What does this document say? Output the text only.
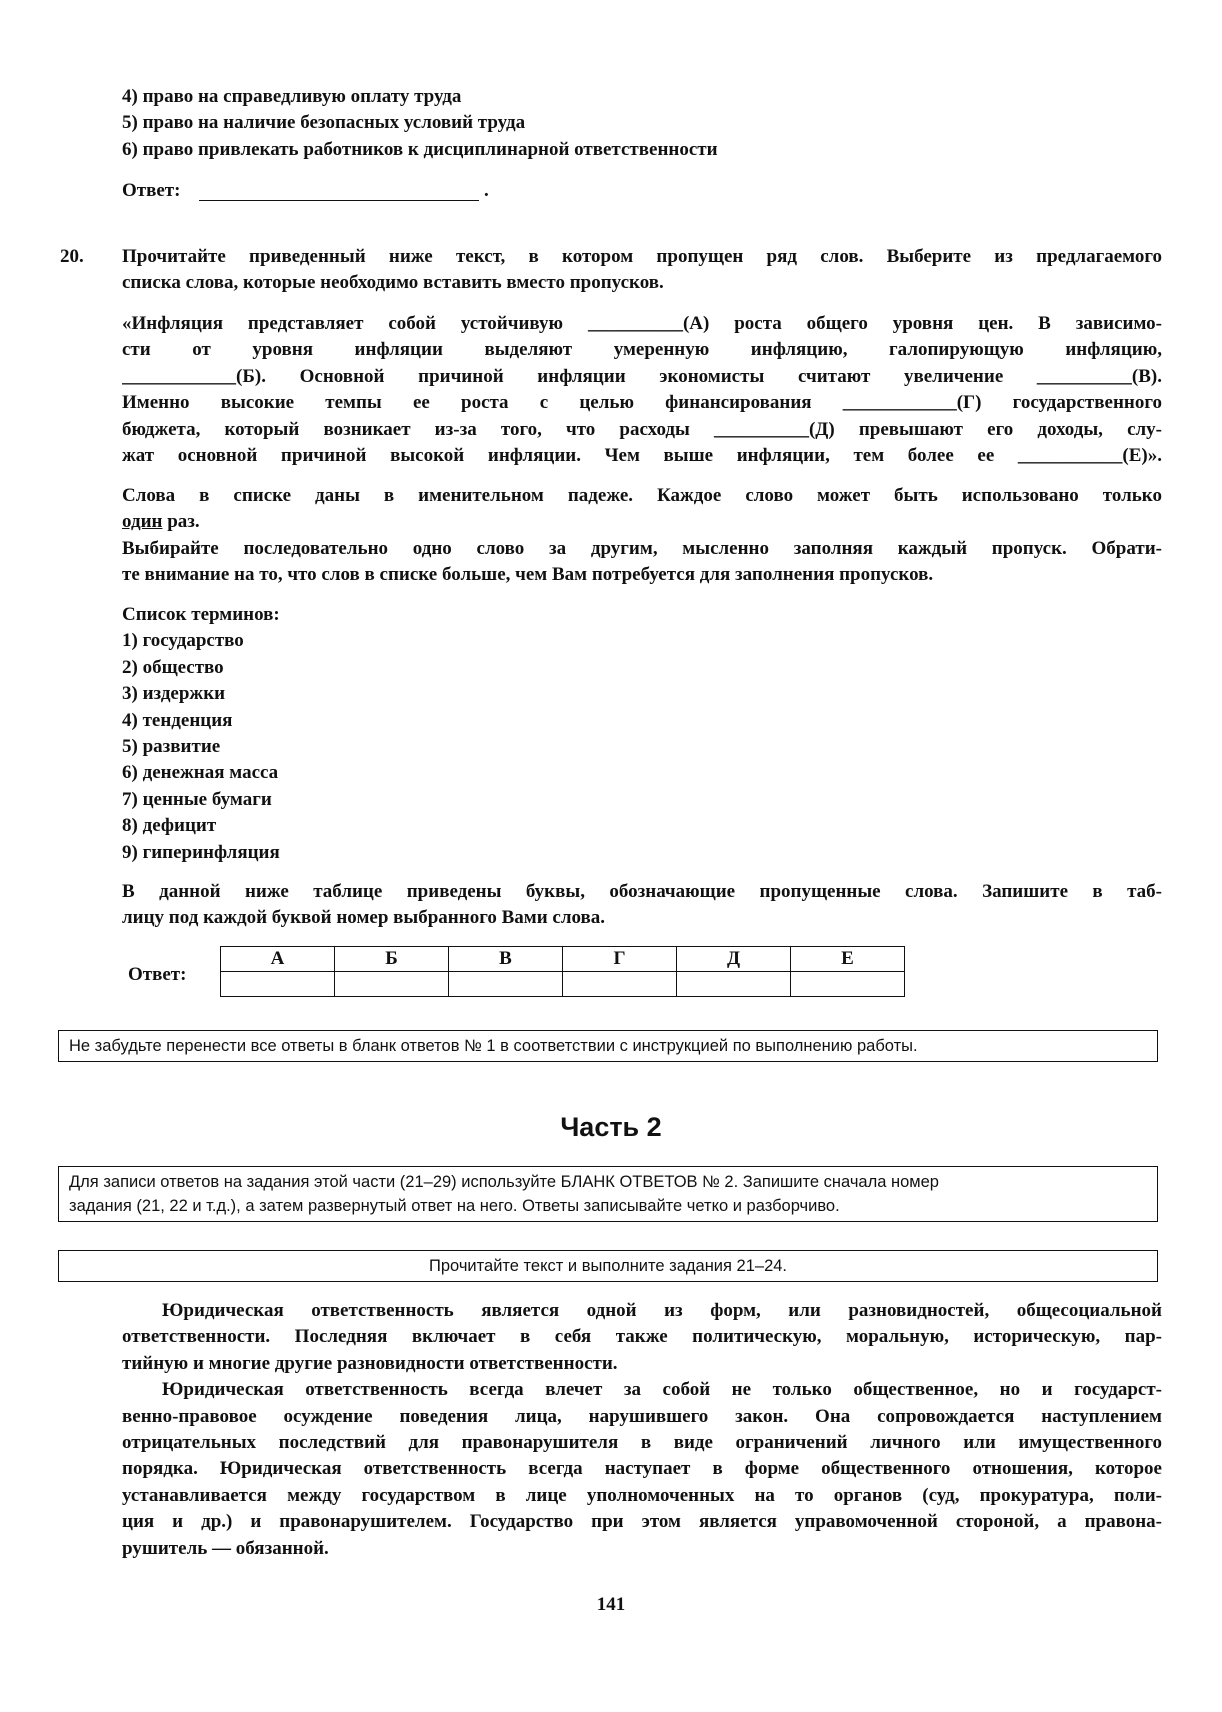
4) право на справедливую оплату труда
5) право на наличие безопасных условий труда
6) право привлекать работников к дисциплинарной ответственности
Ответ:	.
20. Прочитайте приведенный ниже текст, в котором пропущен ряд слов. Выберите из предлагаемого
списка слова, которые необходимо вставить вместо пропусков.
«Инфляция представляет собой устойчивую __________(А) роста общего уровня цен. В зависимо-
сти от уровня инфляции выделяют умеренную инфляцию, галопирующую инфляцию,
____________(Б). Основной причиной инфляции экономисты считают увеличение __________(В).
Именно высокие темпы ее роста с целью финансирования ____________(Г) государственного
бюджета, который возникает из-за того, что расходы __________(Д) превышают его доходы, слу-
жат основной причиной высокой инфляции. Чем выше инфляции, тем более ее ___________(Е)».
Слова в списке даны в именительном падеже. Каждое слово может быть использовано только
один раз.
Выбирайте последовательно одно слово за другим, мысленно заполняя каждый пропуск. Обрати-
те внимание на то, что слов в списке больше, чем Вам потребуется для заполнения пропусков.
Список терминов:
1) государство
2) общество
3) издержки
4) тенденция
5) развитие
6) денежная масса
7) ценные бумаги
8) дефицит
9) гиперинфляция
В данной ниже таблице приведены буквы, обозначающие пропущенные слова. Запишите в таб-
лицу под каждой буквой номер выбранного Вами слова.
Ответ:
А	Б	В	Г	Д	Е

Не забудьте перенести все ответы в бланк ответов № 1 в соответствии с инструкцией по выполнению работы.
Часть 2
Для записи ответов на задания этой части (21–29) используйте БЛАНК ОТВЕТОВ № 2. Запишите сначала номер
задания (21, 22 и т.д.), а затем развернутый ответ на него. Ответы записывайте четко и разборчиво.
Прочитайте текст и выполните задания 21–24.
Юридическая ответственность является одной из форм, или разновидностей, общесоциальной
ответственности. Последняя включает в себя также политическую, моральную, историческую, пар-
тийную и многие другие разновидности ответственности.
Юридическая ответственность всегда влечет за собой не только общественное, но и государст-
венно-правовое осуждение поведения лица, нарушившего закон. Она сопровождается наступлением
отрицательных последствий для правонарушителя в виде ограничений личного или имущественного
порядка. Юридическая ответственность всегда наступает в форме общественного отношения, которое
устанавливается между государством в лице уполномоченных на то органов (суд, прокуратура, поли-
ция и др.) и правонарушителем. Государство при этом является управомоченной стороной, а правона-
рушитель — обязанной.
141
